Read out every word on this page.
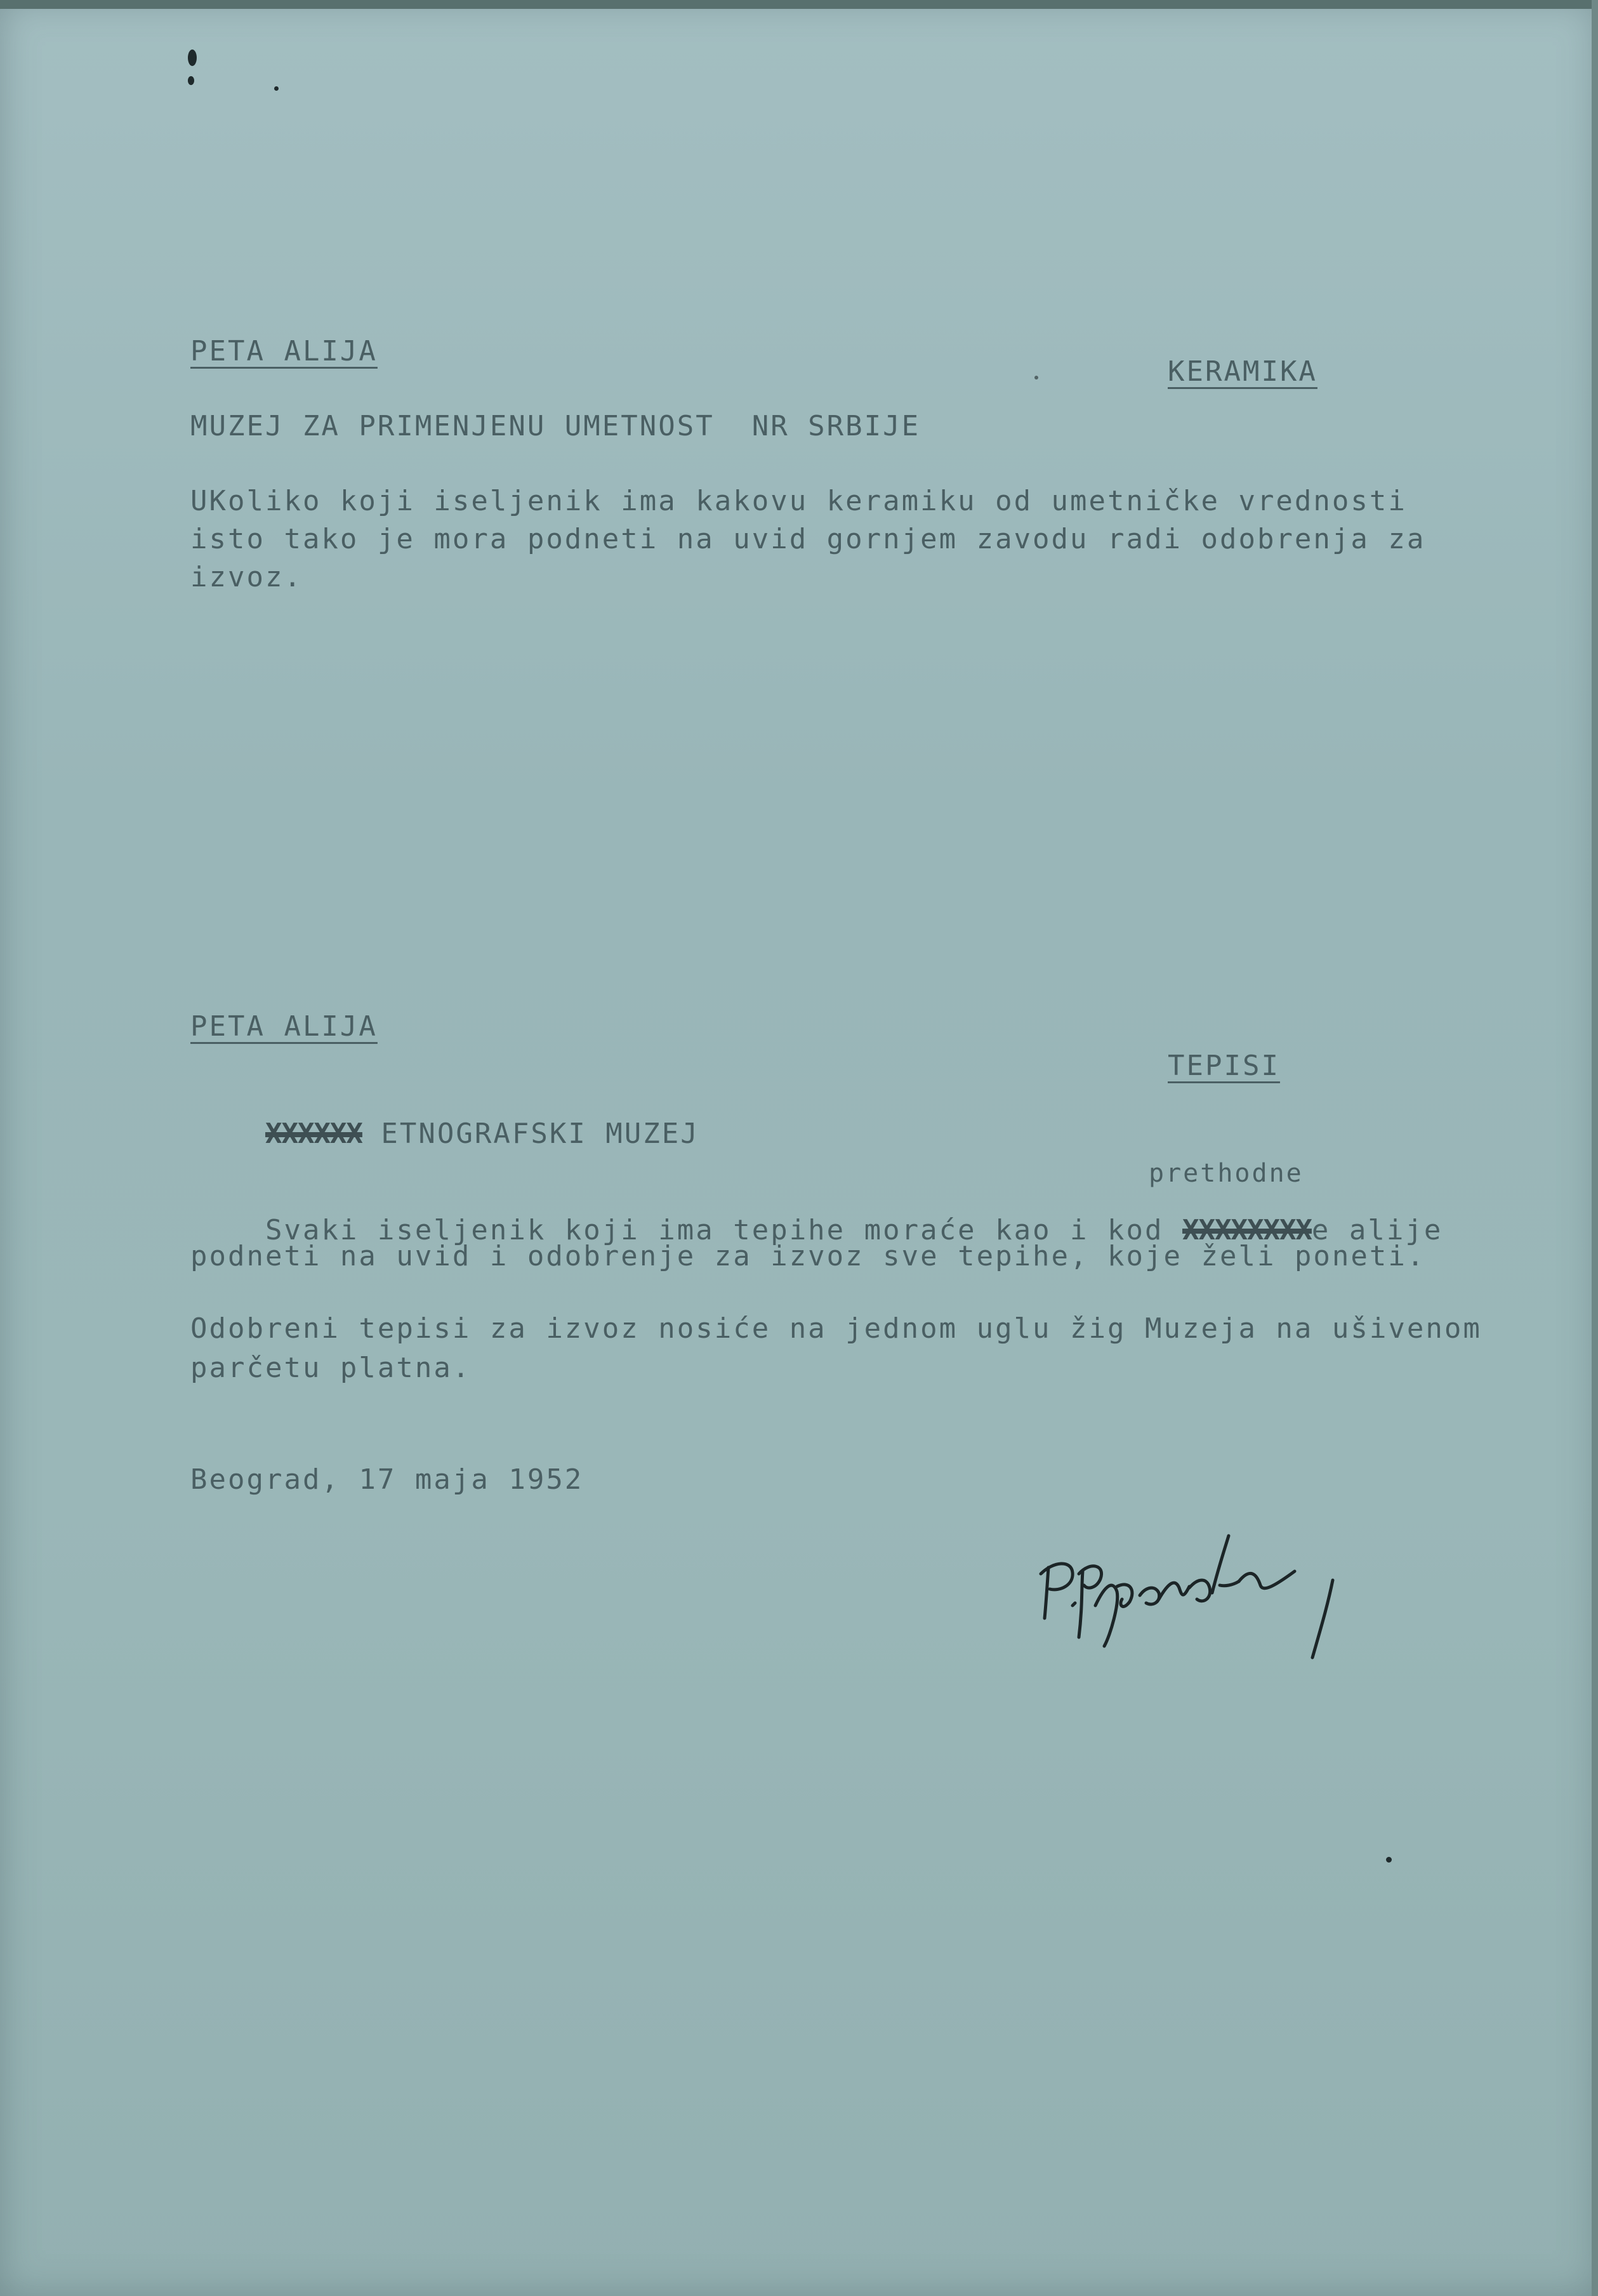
PETA ALIJA
KERAMIKA
MUZEJ ZA PRIMENJENU UMETNOST  NR SRBIJE
UKoliko koji iseljenik ima kakovu keramiku od umetničke vrednosti
isto tako je mora podneti na uvid gornjem zavodu radi odobrenja za
izvoz.
PETA ALIJA
TEPISI

XXXXXX ETNOGRAFSKI MUZEJ

prethodne

Svaki iseljenik koji ima tepihe moraće kao i kod XXXXXXXXe alije

podneti na uvid i odobrenje za izvoz sve tepihe, koje želi poneti.
Odobreni tepisi za izvoz nosiće na jednom uglu žig Muzeja na ušivenom
parčetu platna.
Beograd, 17 maja 1952
